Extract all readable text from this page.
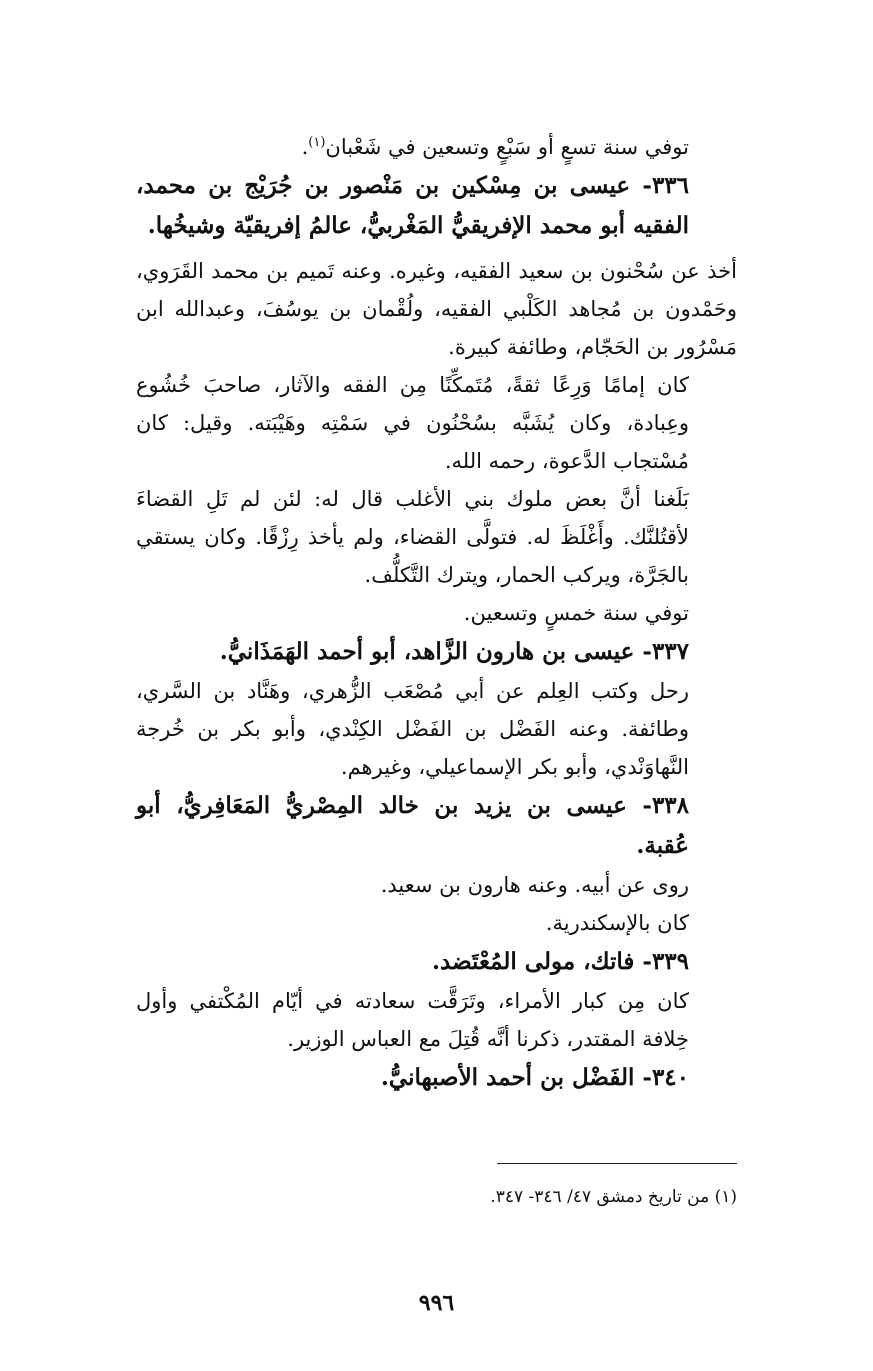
توفي سنة تسعٍ أو سَبْعٍ وتسعين في شَعْبان$^{(١)}$.

٣٣٦- عيسى بن مِسْكين بن مَنْصور بن جُرَيْج بن محمد، الفقيه أبو محمد الإفريقيُّ المَغْربيُّ، عالمُ إفريقيّة وشيخُها.

أخذ عن سُحْنون بن سعيد الفقيه، وغيره. وعنه تَميم بن محمد القَرَوي، وحَمْدون بن مُجاهد الكَلْبي الفقيه، ولُقْمان بن يوسُفَ، وعبدالله ابن مَسْرُور بن الحَجّام، وطائفة كبيرة.

كان إمامًا وَرِعًا ثقةً، مُتَمكِّنًا مِن الفقه والآثار، صاحبَ خُشُوع وعِبادة، وكان يُشَبَّه بسُحْنُون في سَمْتِه وهَيْبَته. وقيل: كان مُسْتجاب الدَّعوة، رحمه الله.

بَلَغنا أنَّ بعض ملوك بني الأغلب قال له: لئن لم تَلِ القضاءَ لأقتُلنَّك. وأَغْلَظَ له. فتولَّى القضاء، ولم يأخذ رِزْقًا. وكان يستقي بالجَرَّة، ويركب الحمار، ويترك التَّكلُّف.

توفي سنة خمسٍ وتسعين.

٣٣٧- عيسى بن هارون الزَّاهد، أبو أحمد الهَمَذَانيُّ.

رحل وكتب العِلم عن أبي مُصْعَب الزُّهري، وهَنَّاد بن السَّري، وطائفة. وعنه الفَضْل بن الفَضْل الكِنْدي، وأبو بكر بن خُرجة النَّهاوَنْدي، وأبو بكر الإسماعيلي، وغيرهم.

٣٣٨- عيسى بن يزيد بن خالد المِصْريُّ المَعَافِريُّ، أبو عُقبة.

روى عن أبيه. وعنه هارون بن سعيد.

كان بالإسكندرية.

٣٣٩- فاتك، مولى المُعْتَضد.

كان مِن كبار الأمراء، وتَرَقَّت سعادته في أيّام المُكْتفي وأول خِلافة المقتدر، ذكرنا أنَّه قُتِلَ مع العباس الوزير.

٣٤٠- الفَضْل بن أحمد الأصبهانيُّ.

(١) من تاريخ دمشق ٤٧/ ٣٤٦- ٣٤٧.
٩٩٦
